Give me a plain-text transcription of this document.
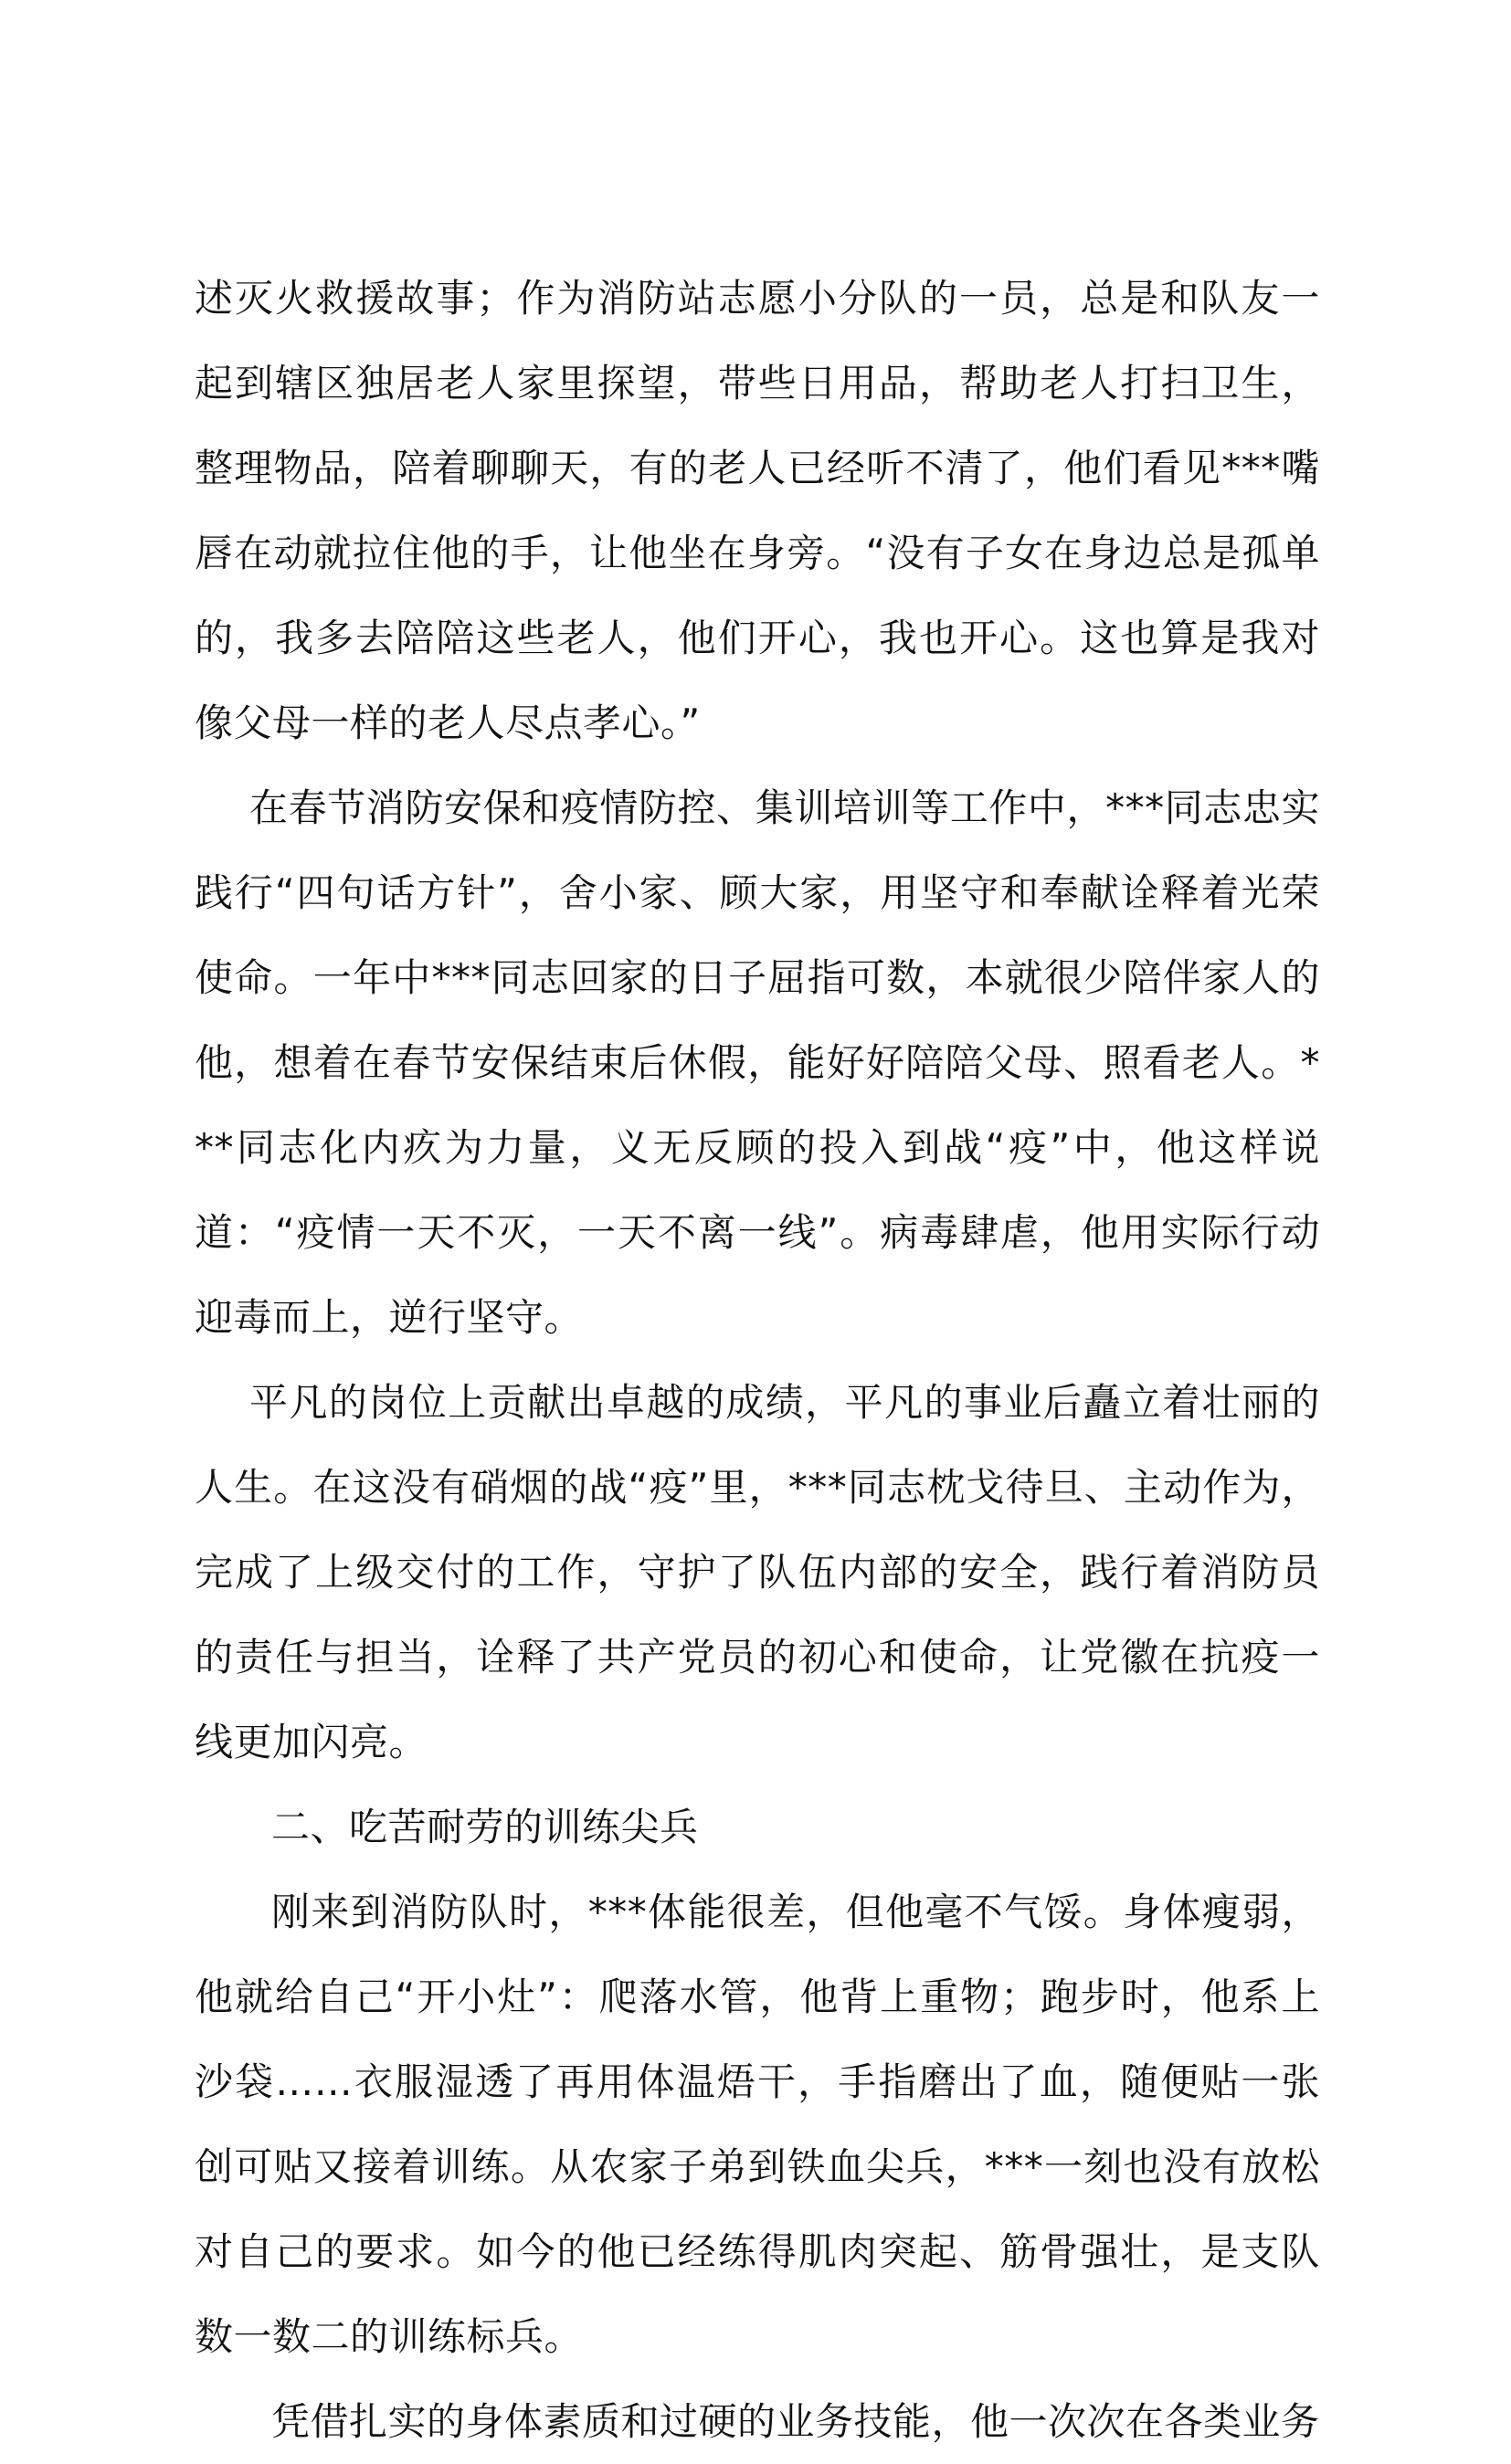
述灭火救援故事；作为消防站志愿小分队的一员，总是和队友一起到辖区独居老人家里探望，带些日用品，帮助老人打扫卫生，整理物品，陪着聊聊天，有的老人已经听不清了，他们看见***嘴唇在动就拉住他的手，让他坐在身旁。“没有子女在身边总是孤单的，我多去陪陪这些老人，他们开心，我也开心。这也算是我对像父母一样的老人尽点孝心。”

在春节消防安保和疫情防控、集训培训等工作中，***同志忠实践行“四句话方针”，舍小家、顾大家，用坚守和奉献诠释着光荣使命。一年中***同志回家的日子屈指可数，本就很少陪伴家人的他，想着在春节安保结束后休假，能好好陪陪父母、照看老人。***同志化内疚为力量，义无反顾的投入到战“疫”中，他这样说道：“疫情一天不灭，一天不离一线”。病毒肆虐，他用实际行动迎毒而上，逆行坚守。

平凡的岗位上贡献出卓越的成绩，平凡的事业后矗立着壮丽的人生。在这没有硝烟的战“疫”里，***同志枕戈待旦、主动作为，完成了上级交付的工作，守护了队伍内部的安全，践行着消防员的责任与担当，诠释了共产党员的初心和使命，让党徽在抗疫一线更加闪亮。

二、吃苦耐劳的训练尖兵

刚来到消防队时，***体能很差，但他毫不气馁。身体瘦弱，他就给自己“开小灶”：爬落水管，他背上重物；跑步时，他系上沙袋……衣服湿透了再用体温焐干，手指磨出了血，随便贴一张创可贴又接着训练。从农家子弟到铁血尖兵，***一刻也没有放松对自己的要求。如今的他已经练得肌肉突起、筋骨强壮，是支队数一数二的训练标兵。

凭借扎实的身体素质和过硬的业务技能，他一次次在各类业务
